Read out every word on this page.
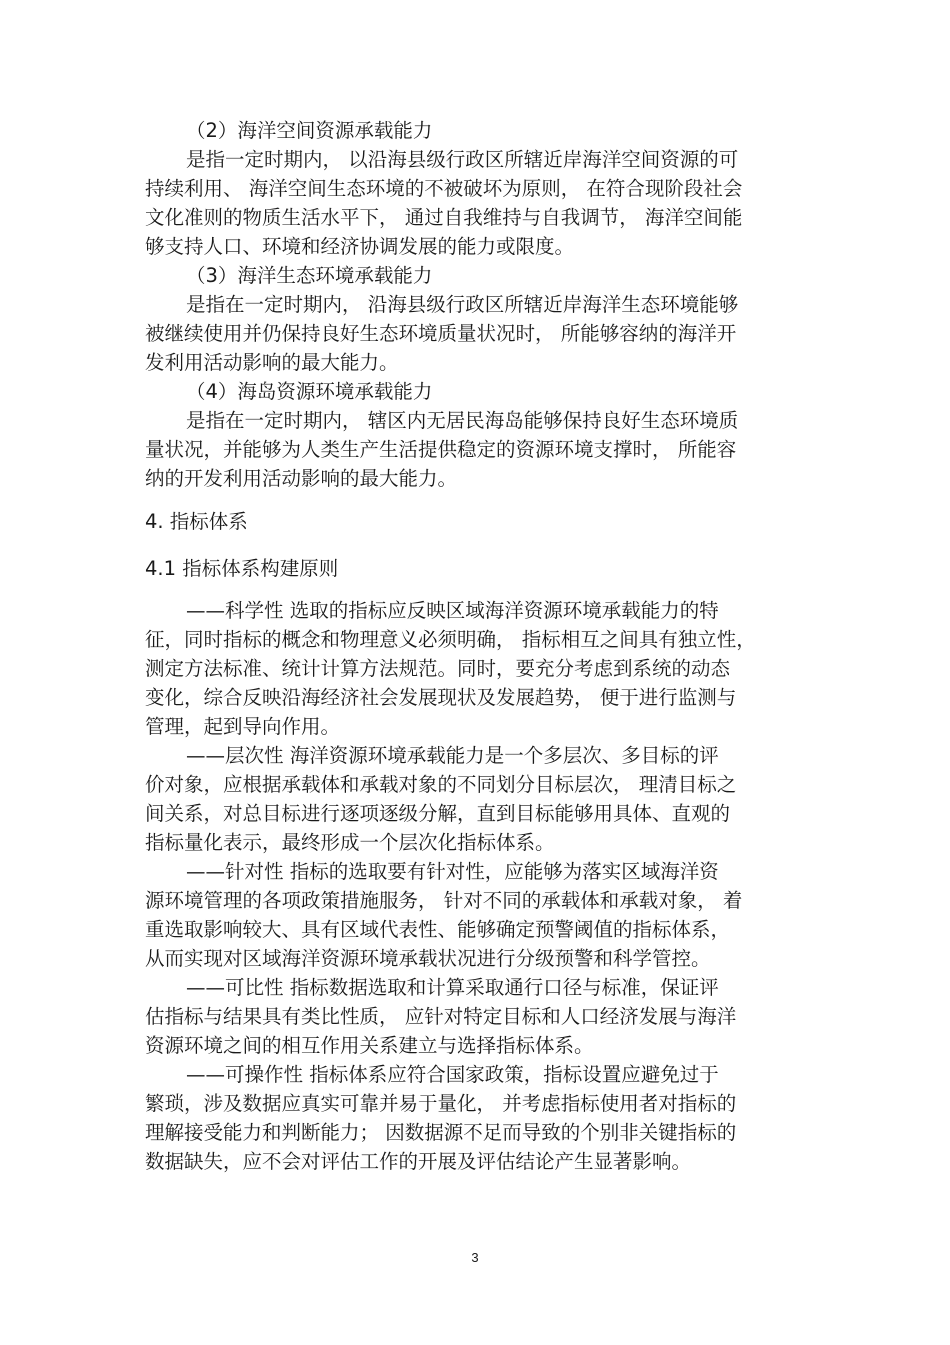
（2）海洋空间资源承载能力
是指一定时期内， 以沿海县级行政区所辖近岸海洋空间资源的可
持续利用、 海洋空间生态环境的不被破坏为原则， 在符合现阶段社会
文化准则的物质生活水平下， 通过自我维持与自我调节， 海洋空间能
够支持人口、环境和经济协调发展的能力或限度。
（3）海洋生态环境承载能力
是指在一定时期内， 沿海县级行政区所辖近岸海洋生态环境能够
被继续使用并仍保持良好生态环境质量状况时， 所能够容纳的海洋开
发利用活动影响的最大能力。
（4）海岛资源环境承载能力
是指在一定时期内， 辖区内无居民海岛能够保持良好生态环境质
量状况，并能够为人类生产生活提供稳定的资源环境支撑时， 所能容
纳的开发利用活动影响的最大能力。
4. 指标体系
4.1 指标体系构建原则
——科学性 选取的指标应反映区域海洋资源环境承载能力的特
征，同时指标的概念和物理意义必须明确， 指标相互之间具有独立性，
测定方法标准、统计计算方法规范。同时，要充分考虑到系统的动态
变化，综合反映沿海经济社会发展现状及发展趋势， 便于进行监测与
管理，起到导向作用。
——层次性 海洋资源环境承载能力是一个多层次、多目标的评
价对象，应根据承载体和承载对象的不同划分目标层次， 理清目标之
间关系，对总目标进行逐项逐级分解，直到目标能够用具体、直观的
指标量化表示，最终形成一个层次化指标体系。
——针对性 指标的选取要有针对性，应能够为落实区域海洋资
源环境管理的各项政策措施服务， 针对不同的承载体和承载对象， 着
重选取影响较大、具有区域代表性、能够确定预警阈值的指标体系，
从而实现对区域海洋资源环境承载状况进行分级预警和科学管控。
——可比性 指标数据选取和计算采取通行口径与标准，保证评
估指标与结果具有类比性质， 应针对特定目标和人口经济发展与海洋
资源环境之间的相互作用关系建立与选择指标体系。
——可操作性 指标体系应符合国家政策，指标设置应避免过于
繁琐，涉及数据应真实可靠并易于量化， 并考虑指标使用者对指标的
理解接受能力和判断能力； 因数据源不足而导致的个别非关键指标的
数据缺失，应不会对评估工作的开展及评估结论产生显著影响。
3
